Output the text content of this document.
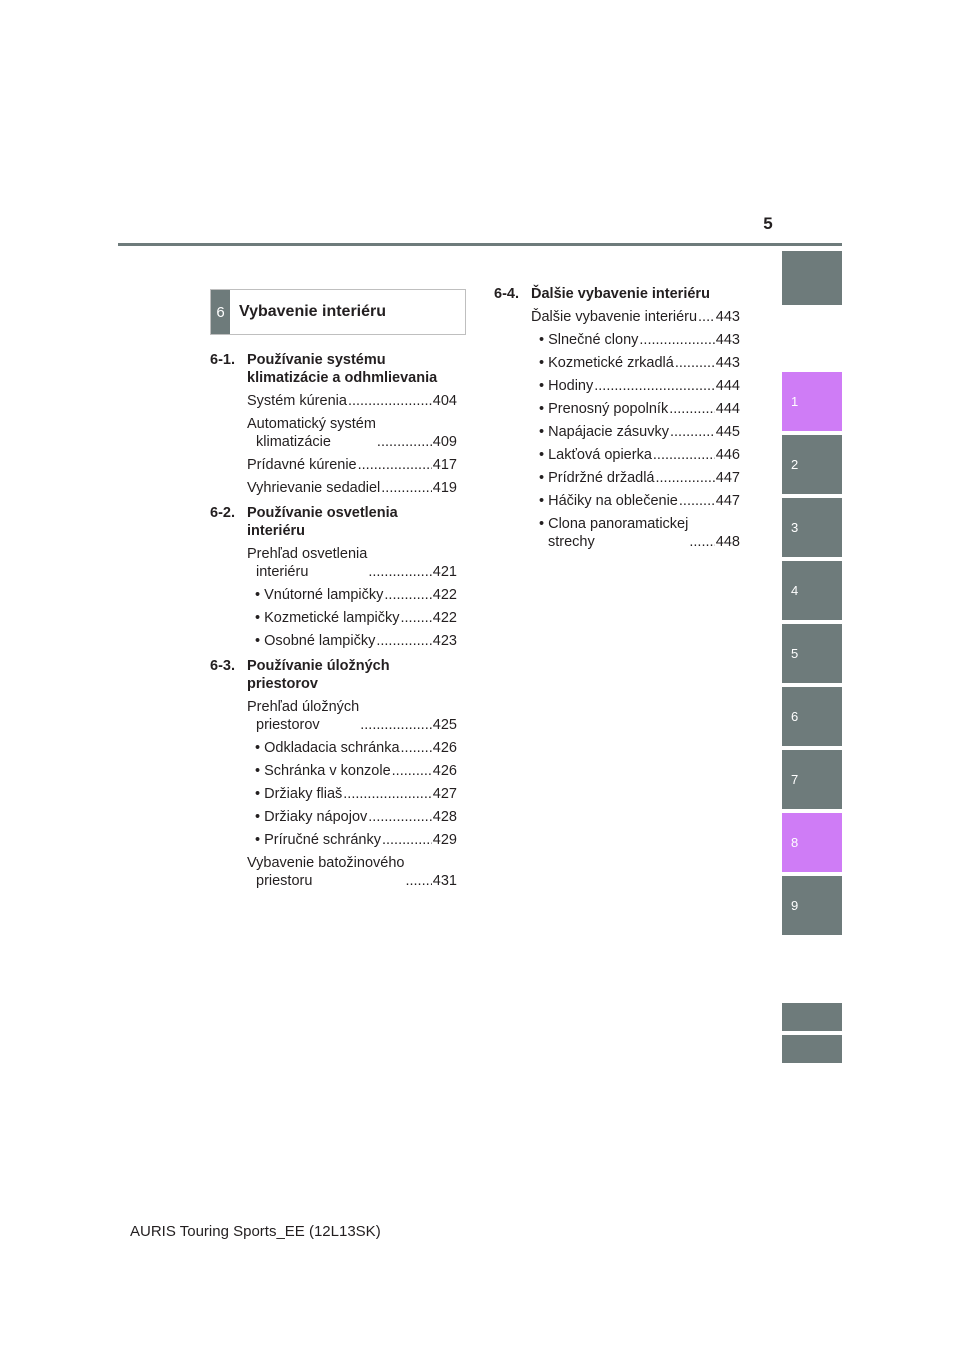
5
1
2
3
4
5
6
7
8
9
6 Vybavenie interiéru
6-1. Používanie systému klimatizácie a odhmlievania
Systém kúrenia .....	404
Automatický systém
klimatizácie .....	409
Prídavné kúrenie .....	417
Vyhrievanie sedadiel .....	419
6-2. Používanie osvetlenia interiéru
Prehľad osvetlenia
interiéru .....	421
• Vnútorné lampičky .....	422
• Kozmetické lampičky ..... 422
• Osobné lampičky .....	423
6-3. Používanie úložných priestorov
Prehľad úložných
priestorov .....	425
• Odkladacia schránka ..... 426
• Schránka v konzole .....	426
• Držiaky fliaš .....	427
• Držiaky nápojov .....	428
• Príručné schránky .....	429
Vybavenie batožinového
priestoru .....	431
6-4. Ďalšie vybavenie interiéru
Ďalšie vybavenie interiéru ..... 443
• Slnečné clony .....	443
• Kozmetické zrkadlá .....	443
• Hodiny .....	444
• Prenosný popolník .....	444
• Napájacie zásuvky .....	445
• Lakťová opierka .....	446
• Prídržné držadlá .....	447
• Háčiky na oblečenie .....	447
• Clona panoramatickej
strechy .....	448
AURIS Touring Sports_EE (12L13SK)
